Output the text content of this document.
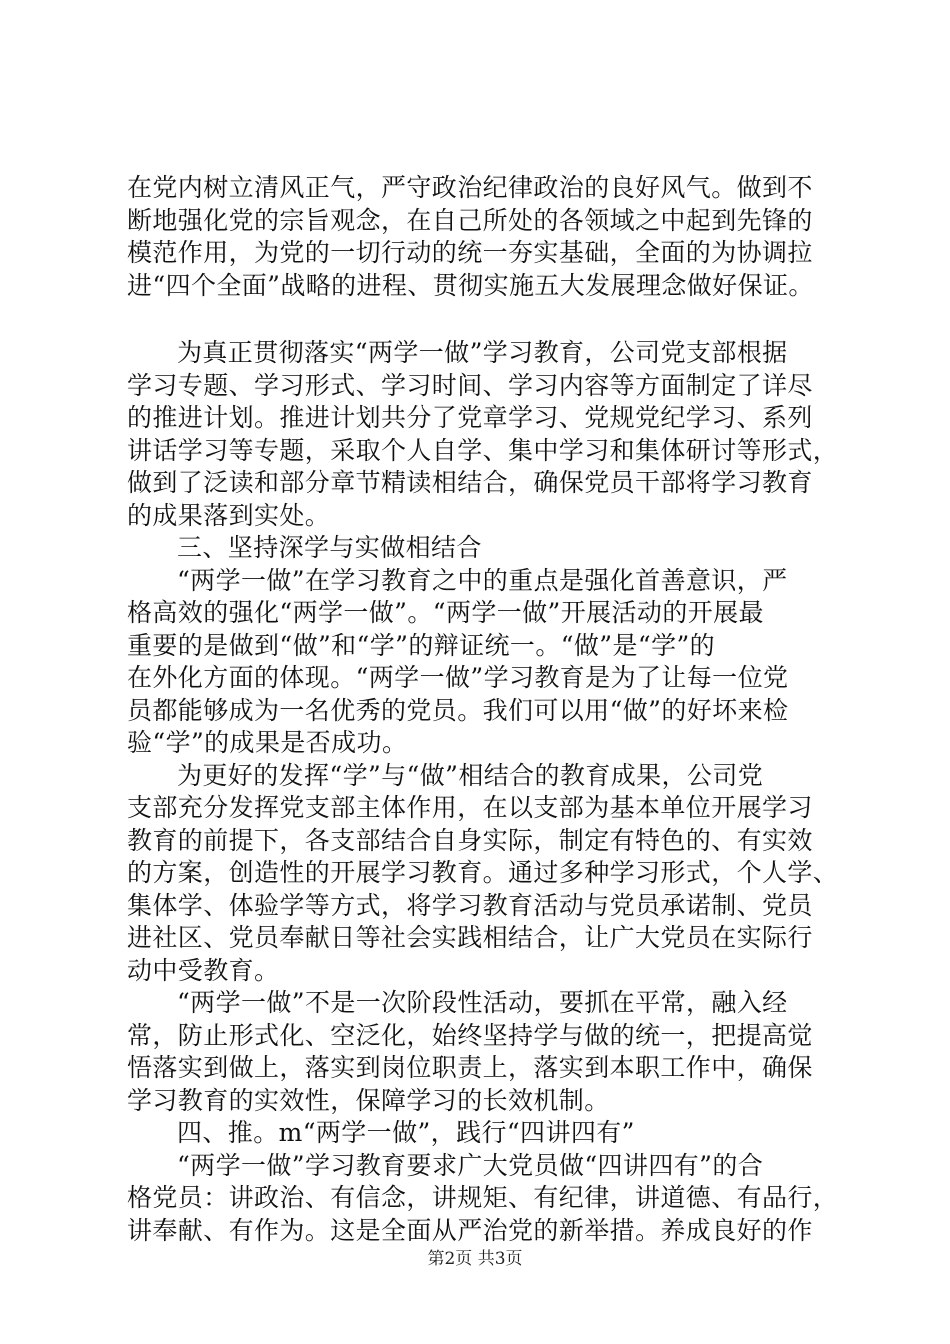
在党内树立清风正气，严守政治纪律政治的良好风气。做到不
断地强化党的宗旨观念，在自己所处的各领域之中起到先锋的
模范作用，为党的一切行动的统一夯实基础，全面的为协调拉
进“四个全面”战略的进程、贯彻实施五大发展理念做好保证。
为真正贯彻落实“两学一做”学习教育，公司党支部根据
学习专题、学习形式、学习时间、学习内容等方面制定了详尽
的推进计划。推进计划共分了党章学习、党规党纪学习、系列
讲话学习等专题，采取个人自学、集中学习和集体研讨等形式，
做到了泛读和部分章节精读相结合，确保党员干部将学习教育
的成果落到实处。
三、坚持深学与实做相结合
“两学一做”在学习教育之中的重点是强化首善意识，严
格高效的强化“两学一做”。“两学一做”开展活动的开展最
重要的是做到“做”和“学”的辩证统一。“做”是“学”的
在外化方面的体现。“两学一做”学习教育是为了让每一位党
员都能够成为一名优秀的党员。我们可以用“做”的好坏来检
验“学”的成果是否成功。
为更好的发挥“学”与“做”相结合的教育成果，公司党
支部充分发挥党支部主体作用，在以支部为基本单位开展学习
教育的前提下，各支部结合自身实际，制定有特色的、有实效
的方案，创造性的开展学习教育。通过多种学习形式，个人学、
集体学、体验学等方式，将学习教育活动与党员承诺制、党员
进社区、党员奉献日等社会实践相结合，让广大党员在实际行
动中受教育。
“两学一做”不是一次阶段性活动，要抓在平常，融入经
常，防止形式化、空泛化，始终坚持学与做的统一，把提高觉
悟落实到做上，落实到岗位职责上，落实到本职工作中，确保
学习教育的实效性，保障学习的长效机制。
四、推。m“两学一做”，践行“四讲四有”
“两学一做”学习教育要求广大党员做“四讲四有”的合
格党员：讲政治、有信念，讲规矩、有纪律，讲道德、有品行，
讲奉献、有作为。这是全面从严治党的新举措。养成良好的作
第2页 共3页
